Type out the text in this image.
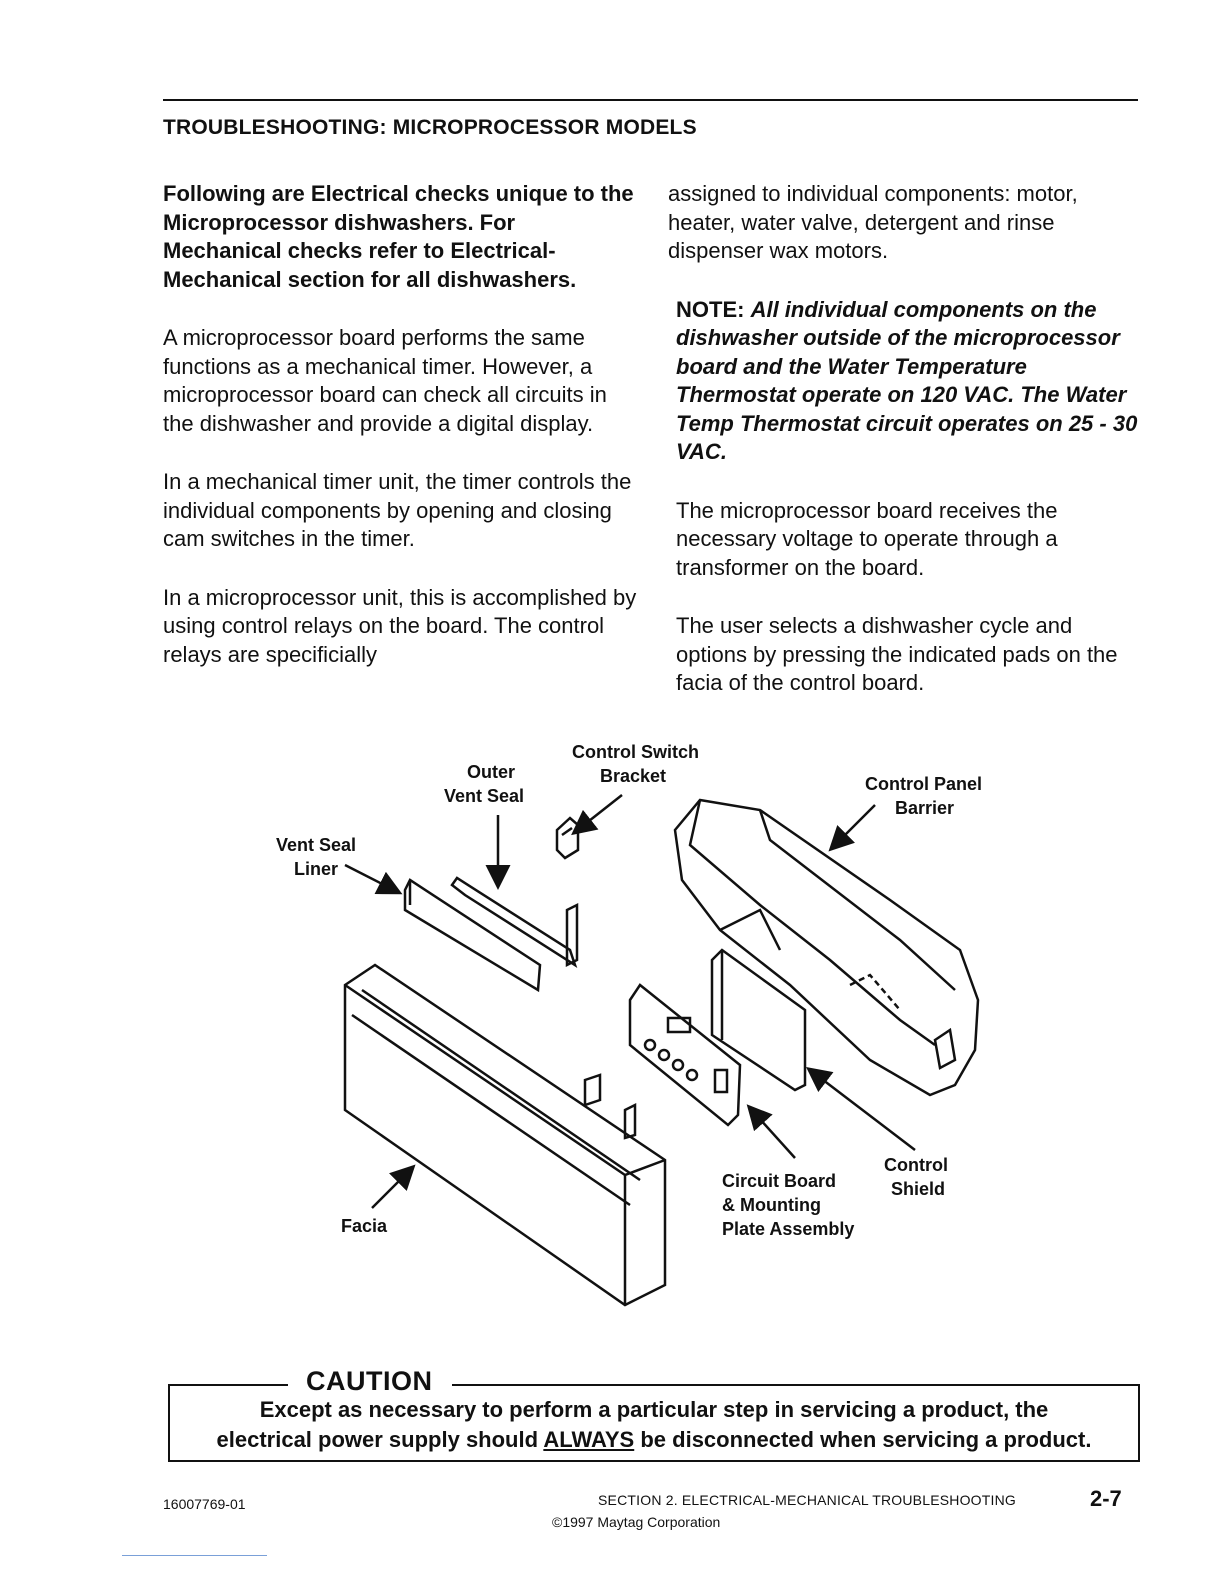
TROUBLESHOOTING: MICROPROCESSOR MODELS

Following are Electrical checks unique to the Microprocessor dishwashers. For Mechanical checks refer to Electrical-Mechanical section for all dishwashers.

A microprocessor board performs the same functions as a mechanical timer. However, a microprocessor board can check all circuits in the dishwasher and provide a digital display.

In a mechanical timer unit, the timer controls the individual components by opening and closing cam switches in the timer.

In a microprocessor unit, this is accomplished by using control relays on the board. The control relays are specificially

assigned to individual components: motor, heater, water valve, detergent and rinse dispenser wax motors.

NOTE: All individual components on the dishwasher outside of the microprocessor board and the Water Temperature Thermostat operate on 120 VAC. The Water Temp Thermostat circuit operates on 25 - 30 VAC.

The microprocessor board receives the necessary voltage to operate through a transformer on the board.

The user selects a dishwasher cycle and options by pressing the indicated pads on the facia of the control board.

Control Switch
Bracket
Outer
Vent Seal
Control Panel
Barrier
Vent Seal
Liner
Facia
Circuit Board
& Mounting
Plate Assembly
Control
Shield
CAUTION
Except as necessary to perform a particular step in servicing a product, the
electrical power supply should ALWAYS be disconnected when servicing a product.
16007769-01	SECTION 2. ELECTRICAL-MECHANICAL TROUBLESHOOTING	2-7
©1997 Maytag Corporation
